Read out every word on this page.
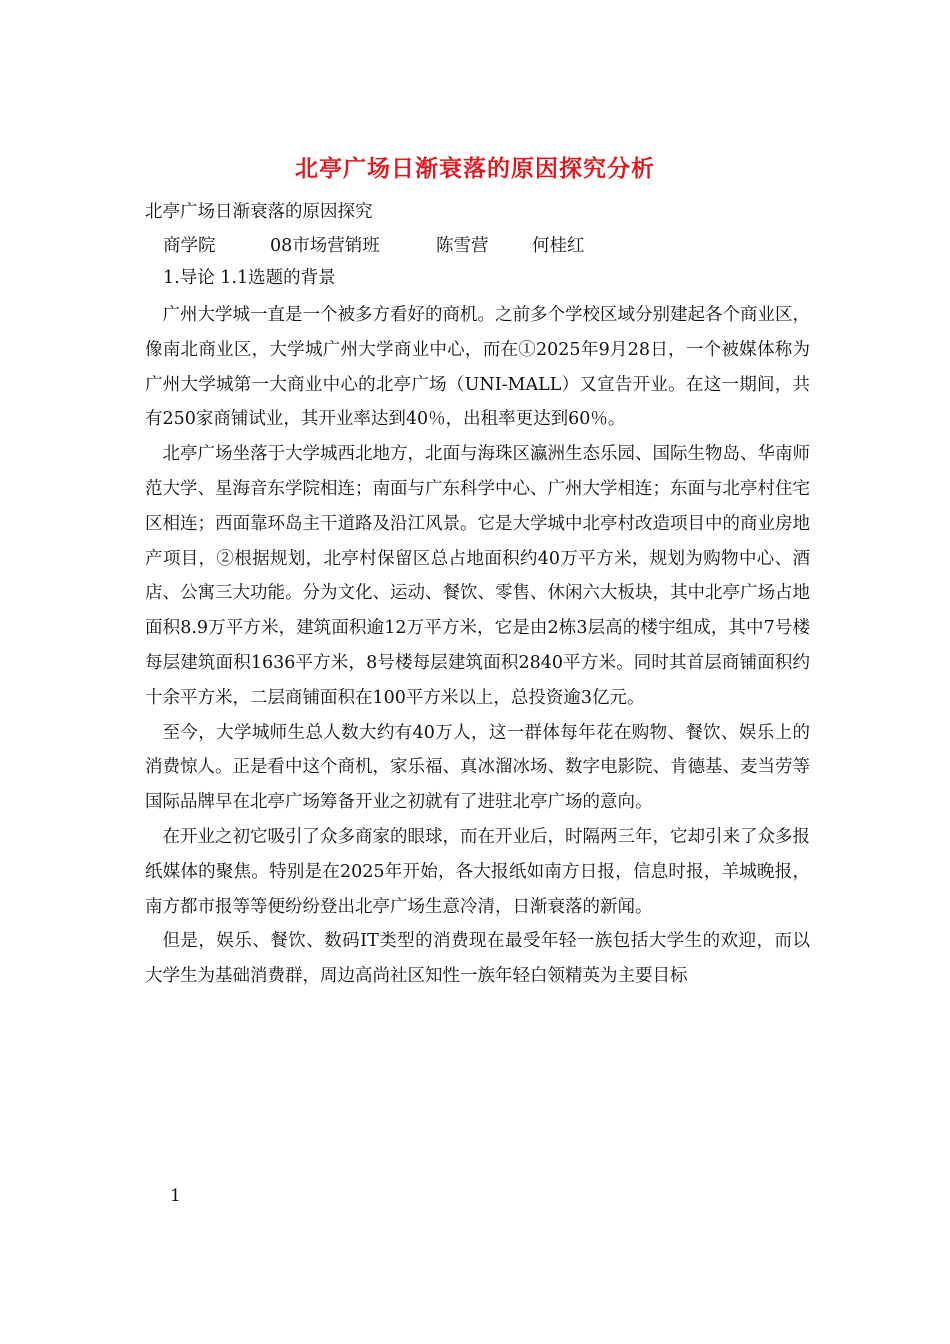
北亭广场日渐衰落的原因探究分析
北亭广场日渐衰落的原因探究
商学院	08市场营销班	陈雪营 何桂红
1.导论 1.1选题的背景

广州大学城一直是一个被多方看好的商机。之前多个学校区域分别建起各个商业区，像南北商业区，大学城广州大学商业中心，而在①2025年9月28日，一个被媒体称为广州大学城第一大商业中心的北亭广场（UNI-MALL）又宣告开业。在这一期间，共有250家商铺试业，其开业率达到40％，出租率更达到60％。

北亭广场坐落于大学城西北地方，北面与海珠区瀛洲生态乐园、国际生物岛、华南师范大学、星海音东学院相连；南面与广东科学中心、广州大学相连；东面与北亭村住宅区相连；西面靠环岛主干道路及沿江风景。它是大学城中北亭村改造项目中的商业房地产项目，②根据规划，北亭村保留区总占地面积约40万平方米，规划为购物中心、酒店、公寓三大功能。分为文化、运动、餐饮、零售、休闲六大板块，其中北亭广场占地面积8.9万平方米，建筑面积逾12万平方米，它是由2栋3层高的楼宇组成，其中7号楼每层建筑面积1636平方米，8号楼每层建筑面积2840平方米。同时其首层商铺面积约十余平方米，二层商铺面积在100平方米以上，总投资逾3亿元。

至今，大学城师生总人数大约有40万人，这一群体每年花在购物、餐饮、娱乐上的消费惊人。正是看中这个商机，家乐福、真冰溜冰场、数字电影院、肯德基、麦当劳等国际品牌早在北亭广场筹备开业之初就有了进驻北亭广场的意向。

在开业之初它吸引了众多商家的眼球，而在开业后，时隔两三年，它却引来了众多报纸媒体的聚焦。特别是在2025年开始，各大报纸如南方日报，信息时报，羊城晚报，南方都市报等等便纷纷登出北亭广场生意冷清，日渐衰落的新闻。

但是，娱乐、餐饮、数码IT类型的消费现在最受年轻一族包括大学生的欢迎，而以大学生为基础消费群，周边高尚社区知性一族年轻白领精英为主要目标

1
